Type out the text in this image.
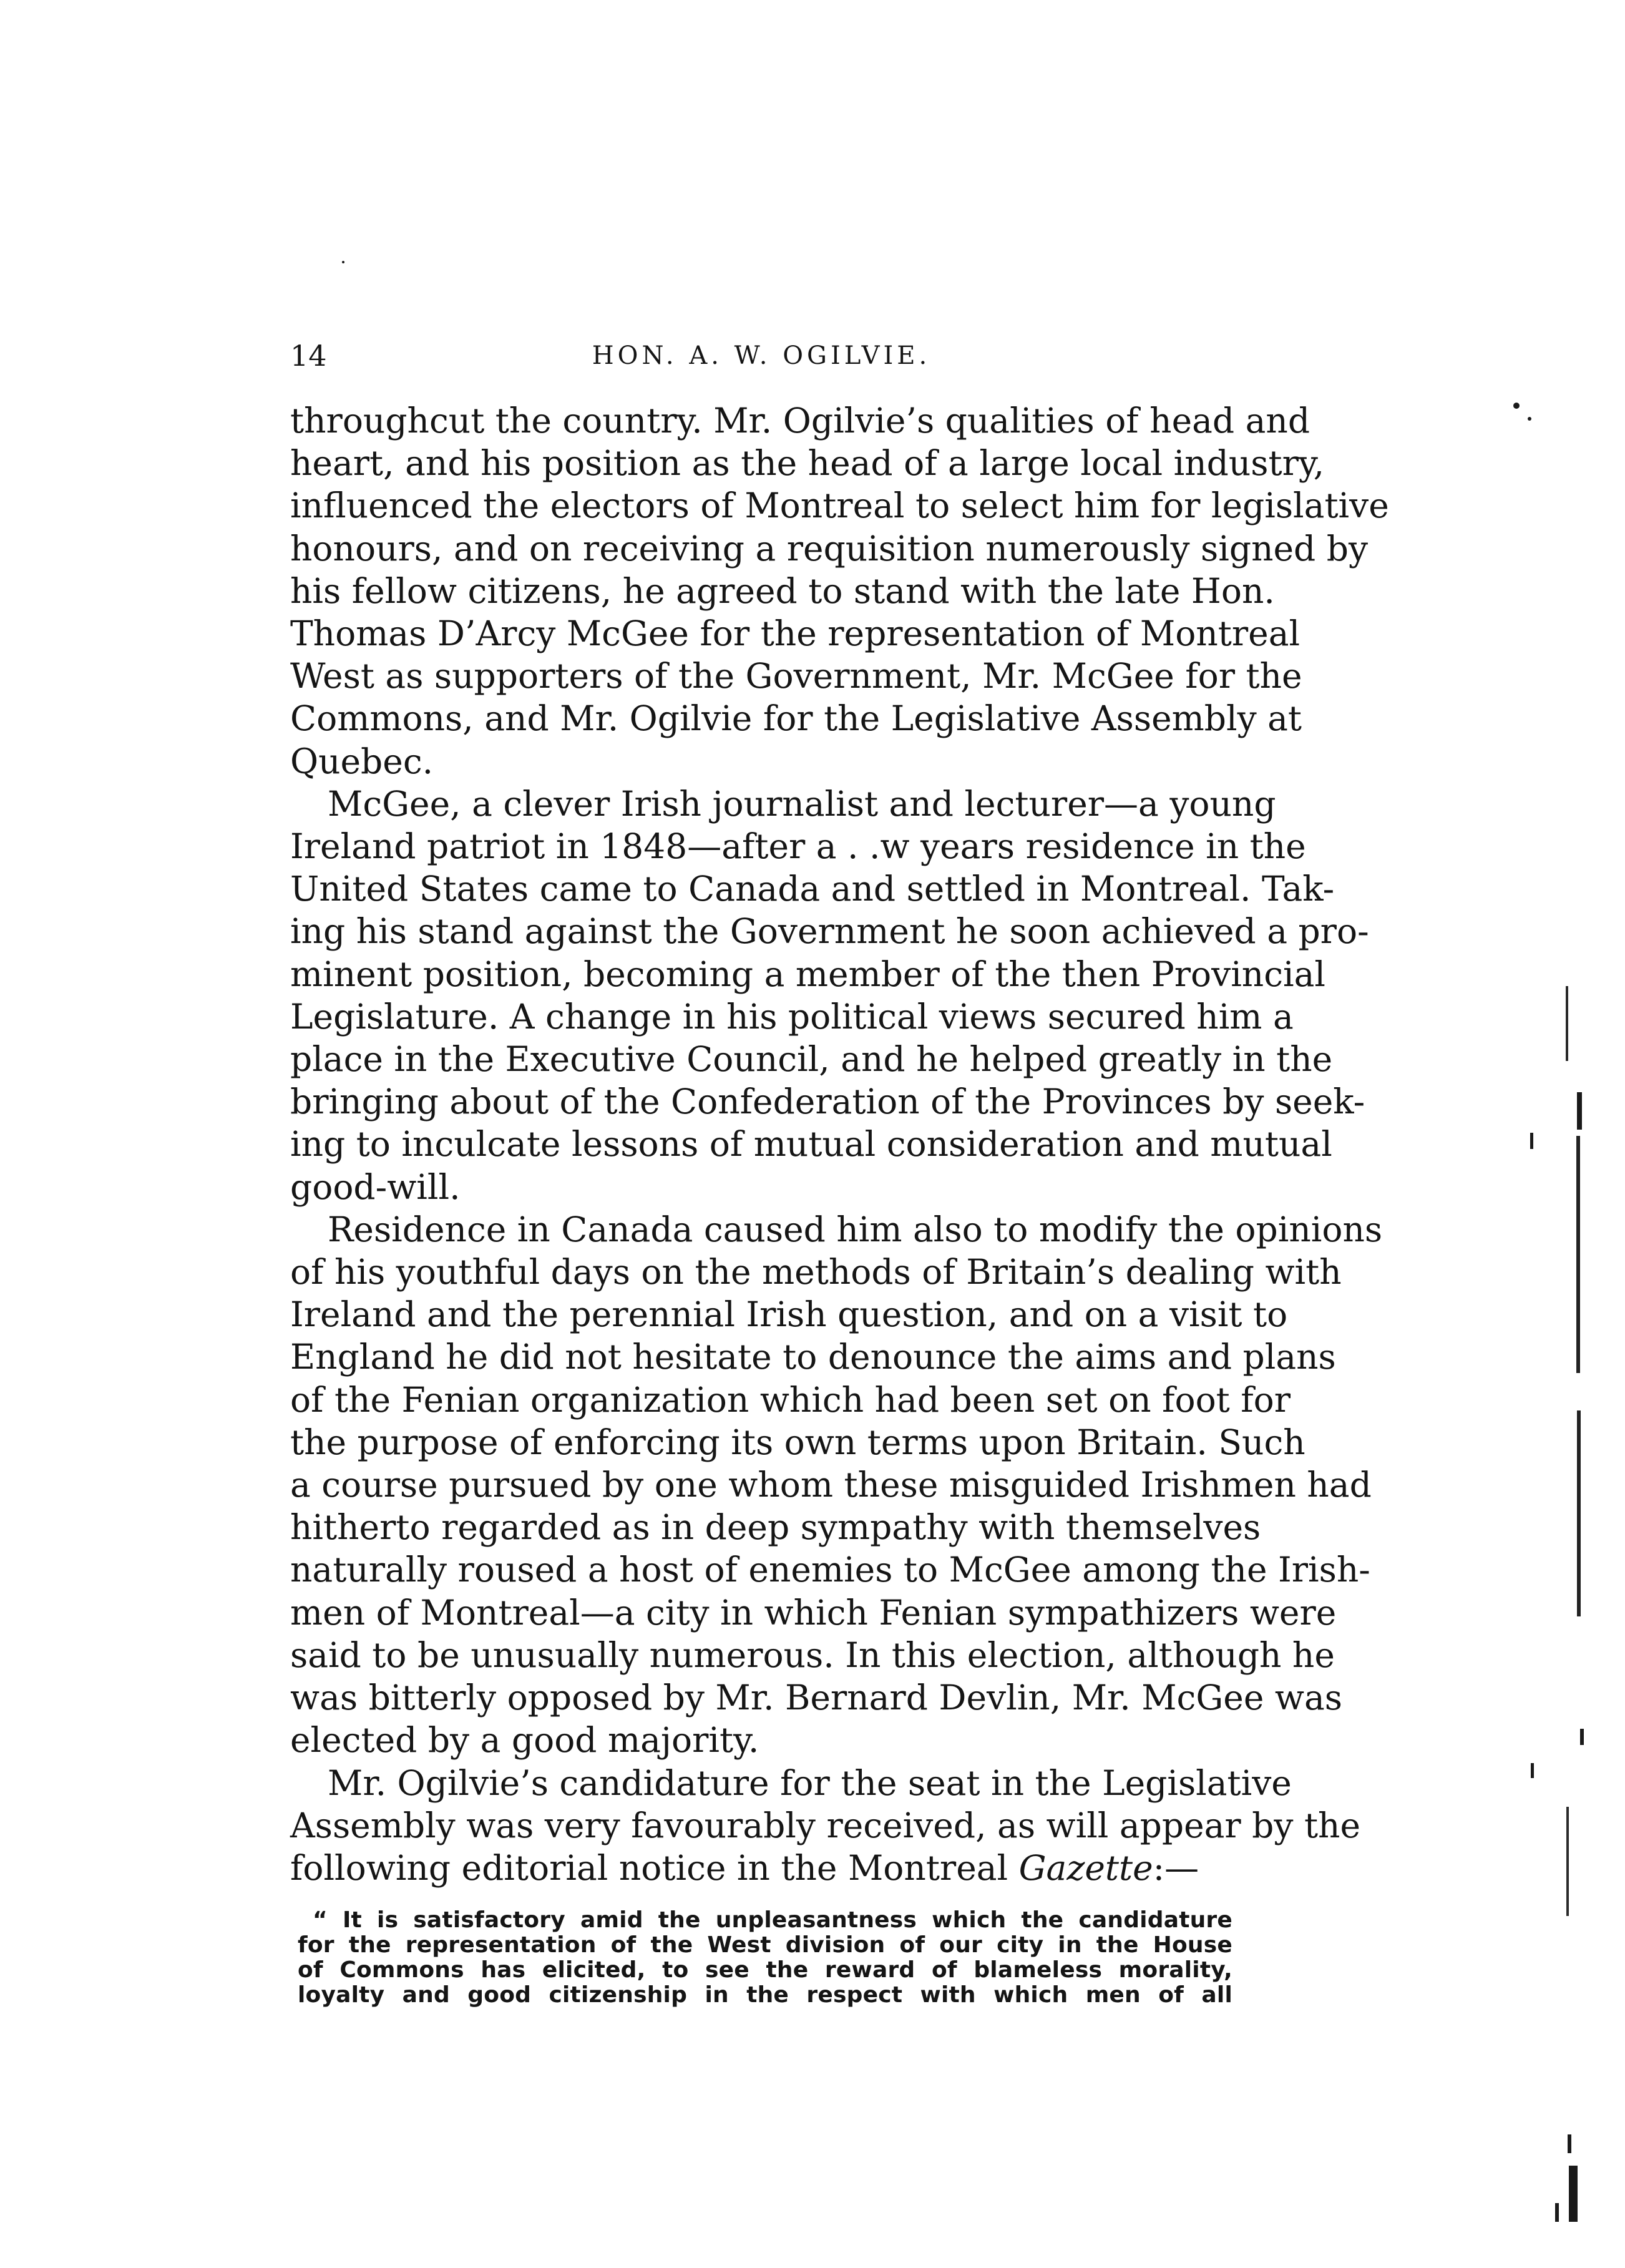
14	HON. A. W. OGILVIE.
throughcut the country. Mr. Ogilvie’s qualities of head and
heart, and his position as the head of a large local industry,
influenced the electors of Montreal to select him for legislative
honours, and on receiving a requisition numerously signed by
his fellow citizens, he agreed to stand with the late Hon.
Thomas D’Arcy McGee for the representation of Montreal
West as supporters of the Government, Mr. McGee for the
Commons, and Mr. Ogilvie for the Legislative Assembly at
Quebec.
McGee, a clever Irish journalist and lecturer—a young
Ireland patriot in 1848—after a . .w years residence in the
United States came to Canada and settled in Montreal. Tak-
ing his stand against the Government he soon achieved a pro-
minent position, becoming a member of the then Provincial
Legislature. A change in his political views secured him a
place in the Executive Council, and he helped greatly in the
bringing about of the Confederation of the Provinces by seek-
ing to inculcate lessons of mutual consideration and mutual
good-will.
Residence in Canada caused him also to modify the opinions
of his youthful days on the methods of Britain’s dealing with
Ireland and the perennial Irish question, and on a visit to
England he did not hesitate to denounce the aims and plans
of the Fenian organization which had been set on foot for
the purpose of enforcing its own terms upon Britain. Such
a course pursued by one whom these misguided Irishmen had
hitherto regarded as in deep sympathy with themselves
naturally roused a host of enemies to McGee among the Irish-
men of Montreal—a city in which Fenian sympathizers were
said to be unusually numerous. In this election, although he
was bitterly opposed by Mr. Bernard Devlin, Mr. McGee was
elected by a good majority.
Mr. Ogilvie’s candidature for the seat in the Legislative
Assembly was very favourably received, as will appear by the
following editorial notice in the Montreal Gazette:—
“ It is satisfactory amid the unpleasantness which the candidature
for the representation of the West division of our city in the House
of Commons has elicited, to see the reward of blameless morality,
loyalty and good citizenship in the respect with which men of all
